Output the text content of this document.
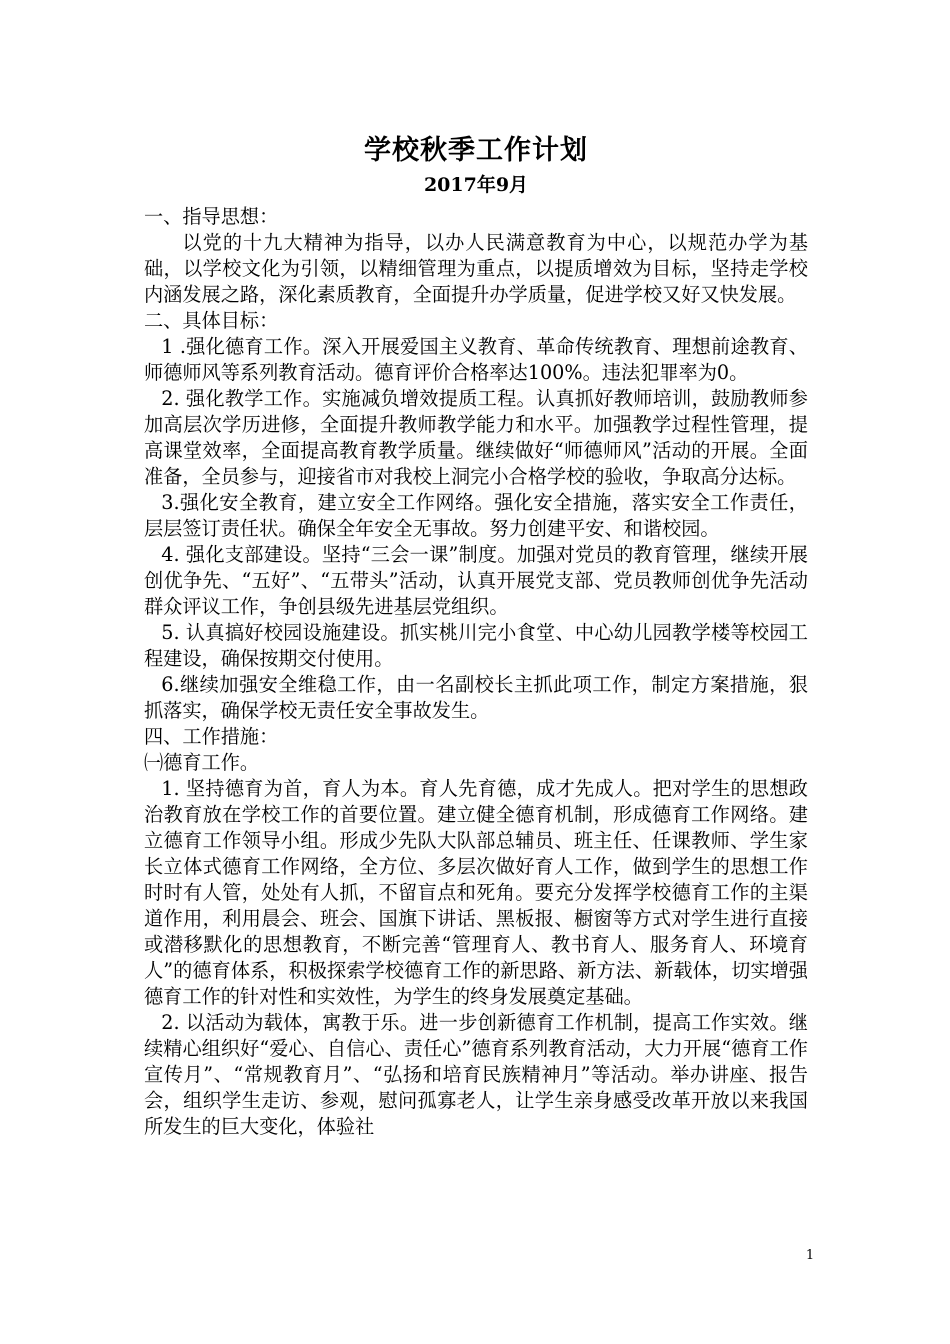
学校秋季工作计划
2017年9月

一、指导思想：

以党的十九大精神为指导，以办人民满意教育为中心，以规范办学为基础，以学校文化为引领，以精细管理为重点，以提质增效为目标，坚持走学校内涵发展之路，深化素质教育，全面提升办学质量，促进学校又好又快发展。

二、具体目标：

1 .强化德育工作。深入开展爱国主义教育、革命传统教育、理想前途教育、师德师风等系列教育活动。德育评价合格率达100%。违法犯罪率为0。

2. 强化教学工作。实施减负增效提质工程。认真抓好教师培训，鼓励教师参加高层次学历进修，全面提升教师教学能力和水平。加强教学过程性管理，提高课堂效率，全面提高教育教学质量。继续做好“师德师风”活动的开展。全面准备，全员参与，迎接省市对我校上洞完小合格学校的验收，争取高分达标。

3.强化安全教育，建立安全工作网络。强化安全措施，落实安全工作责任，层层签订责任状。确保全年安全无事故。努力创建平安、和谐校园。

4. 强化支部建设。坚持“三会一课”制度。加强对党员的教育管理，继续开展创优争先、“五好”、“五带头”活动，认真开展党支部、党员教师创优争先活动群众评议工作，争创县级先进基层党组织。

5. 认真搞好校园设施建设。抓实桃川完小食堂、中心幼儿园教学楼等校园工程建设，确保按期交付使用。

6.继续加强安全维稳工作，由一名副校长主抓此项工作，制定方案措施，狠抓落实，确保学校无责任安全事故发生。

四、工作措施：

㈠德育工作。

1. 坚持德育为首，育人为本。育人先育德，成才先成人。把对学生的思想政治教育放在学校工作的首要位置。建立健全德育机制，形成德育工作网络。建立德育工作领导小组。形成少先队大队部总辅员、班主任、任课教师、学生家长立体式德育工作网络，全方位、多层次做好育人工作，做到学生的思想工作时时有人管，处处有人抓，不留盲点和死角。要充分发挥学校德育工作的主渠道作用，利用晨会、班会、国旗下讲话、黑板报、橱窗等方式对学生进行直接或潜移默化的思想教育，不断完善“管理育人、教书育人、服务育人、环境育人”的德育体系，积极探索学校德育工作的新思路、新方法、新载体，切实增强德育工作的针对性和实效性，为学生的终身发展奠定基础。

2. 以活动为载体，寓教于乐。进一步创新德育工作机制，提高工作实效。继续精心组织好“爱心、自信心、责任心”德育系列教育活动，大力开展“德育工作宣传月”、“常规教育月”、“弘扬和培育民族精神月”等活动。举办讲座、报告会，组织学生走访、参观，慰问孤寡老人，让学生亲身感受改革开放以来我国所发生的巨大变化，体验社

1
